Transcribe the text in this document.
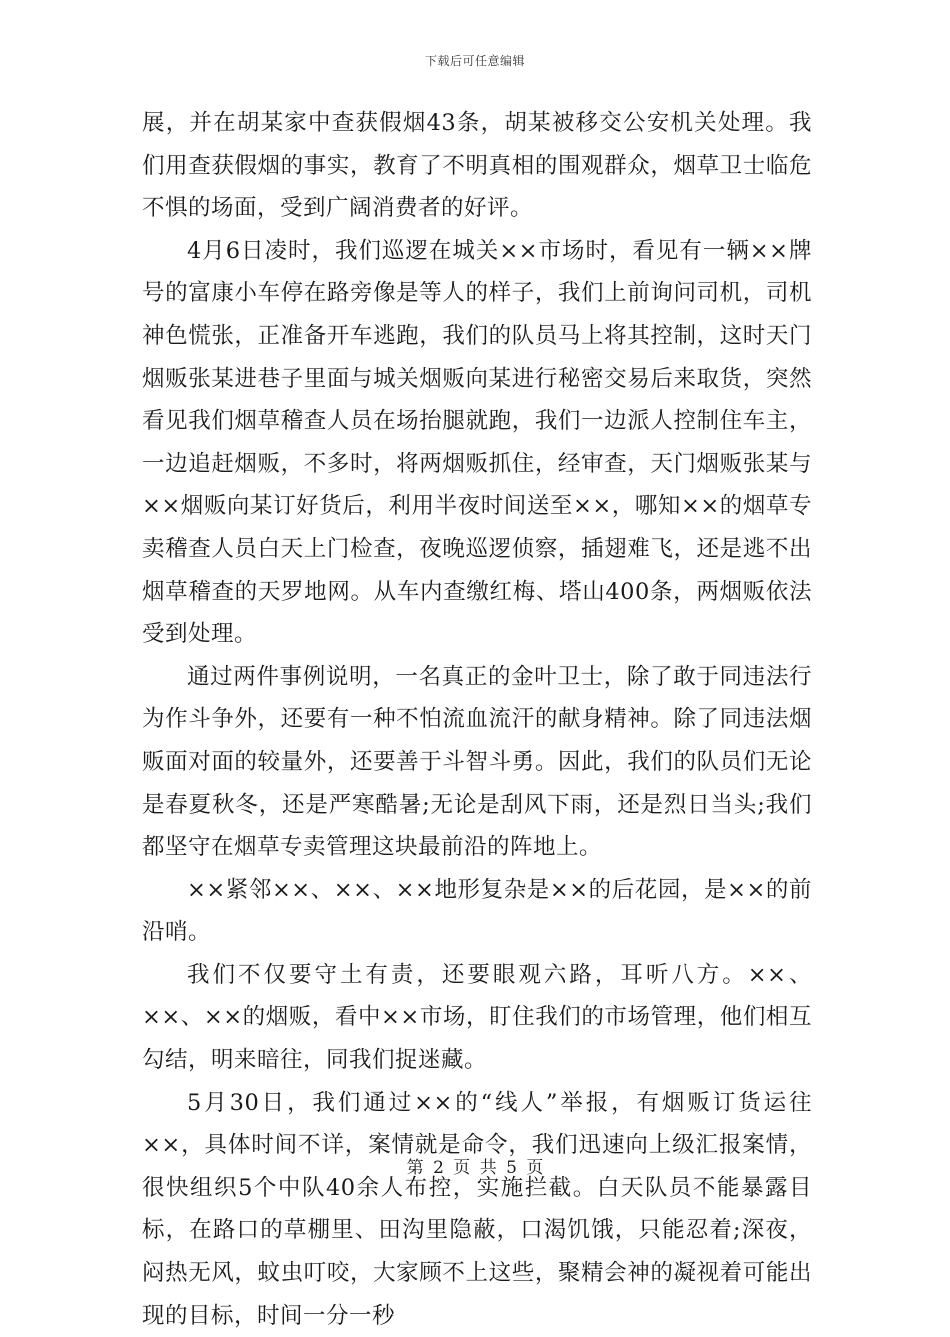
下载后可任意编辑

展，并在胡某家中查获假烟43条，胡某被移交公安机关处理。我们用查获假烟的事实，教育了不明真相的围观群众，烟草卫士临危不惧的场面，受到广阔消费者的好评。

4月6日凌时，我们巡逻在城关××市场时，看见有一辆××牌号的富康小车停在路旁像是等人的样子，我们上前询问司机，司机神色慌张，正准备开车逃跑，我们的队员马上将其控制，这时天门烟贩张某进巷子里面与城关烟贩向某进行秘密交易后来取货，突然看见我们烟草稽查人员在场抬腿就跑，我们一边派人控制住车主，一边追赶烟贩，不多时，将两烟贩抓住，经审查，天门烟贩张某与××烟贩向某订好货后，利用半夜时间送至××，哪知××的烟草专卖稽查人员白天上门检查，夜晚巡逻侦察，插翅难飞，还是逃不出烟草稽查的天罗地网。从车内查缴红梅、塔山400条，两烟贩依法受到处理。

通过两件事例说明，一名真正的金叶卫士，除了敢于同违法行为作斗争外，还要有一种不怕流血流汗的献身精神。除了同违法烟贩面对面的较量外，还要善于斗智斗勇。因此，我们的队员们无论是春夏秋冬，还是严寒酷暑;无论是刮风下雨，还是烈日当头;我们都坚守在烟草专卖管理这块最前沿的阵地上。

××紧邻××、××、××地形复杂是××的后花园，是××的前沿哨。

我们不仅要守土有责，还要眼观六路，耳听八方。××、××、××的烟贩，看中××市场，盯住我们的市场管理，他们相互勾结，明来暗往，同我们捉迷藏。

5月30日，我们通过××的“线人”举报，有烟贩订货运往××，具体时间不详，案情就是命令，我们迅速向上级汇报案情，很快组织5个中队40余人布控，实施拦截。白天队员不能暴露目标，在路口的草棚里、田沟里隐蔽，口渴饥饿，只能忍着;深夜，闷热无风，蚊虫叮咬，大家顾不上这些，聚精会神的凝视着可能出现的目标，时间一分一秒

第 2 页 共 5 页
